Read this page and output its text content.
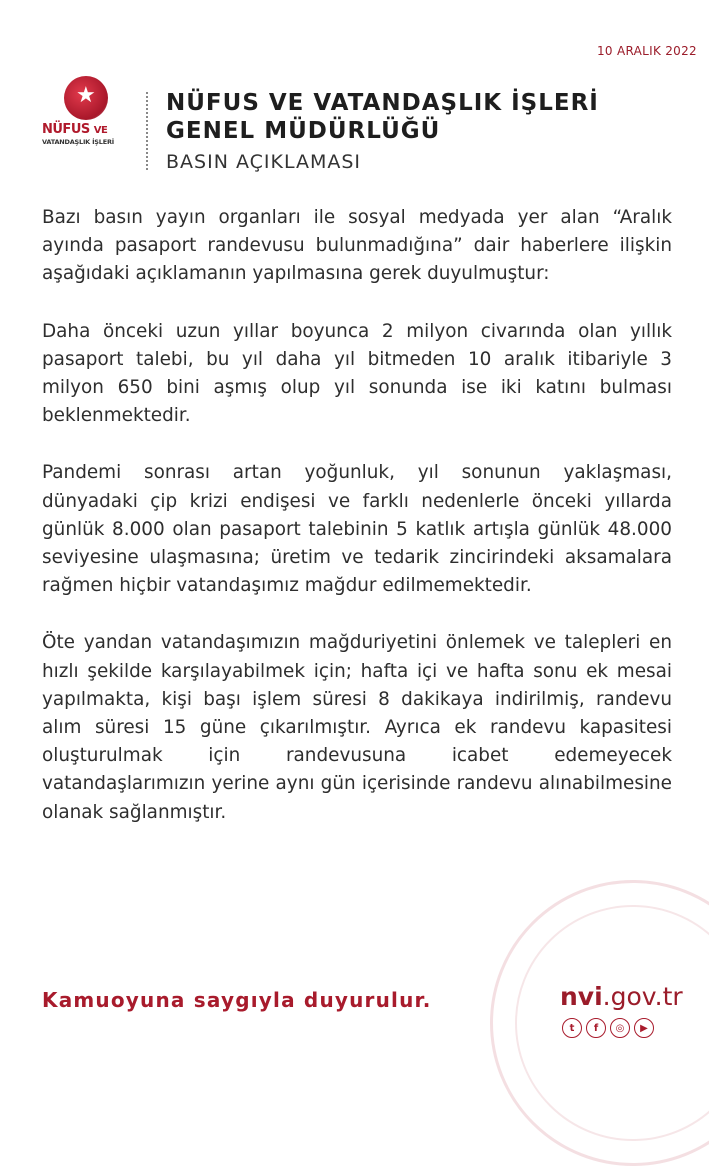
10 ARALIK 2022
★
NÜFUS VE
VATANDAŞLIK İŞLERİ
NÜFUS VE VATANDAŞLIK İŞLERİ
GENEL MÜDÜRLÜĞÜ
BASIN AÇIKLAMASI

Bazı basın yayın organları ile sosyal medyada yer alan “Aralık ayında pasaport randevusu bulunmadığına” dair haberlere ilişkin aşağıdaki açıklamanın yapılmasına gerek duyulmuştur:

Daha önceki uzun yıllar boyunca 2 milyon civarında olan yıllık pasaport talebi, bu yıl daha yıl bitmeden 10 aralık itibariyle 3 milyon 650 bini aşmış olup yıl sonunda ise iki katını bulması beklenmektedir.

Pandemi sonrası artan yoğunluk, yıl sonunun yaklaşması, dünyadaki çip krizi endişesi ve farklı nedenlerle önceki yıllarda günlük 8.000 olan pasaport talebinin 5 katlık artışla günlük 48.000 seviyesine ulaşmasına; üretim ve tedarik zincirindeki aksamalara rağmen hiçbir vatandaşımız mağdur edilmemektedir.

Öte yandan vatandaşımızın mağduriyetini önlemek ve talepleri en hızlı şekilde karşılayabilmek için; hafta içi ve hafta sonu ek mesai yapılmakta, kişi başı işlem süresi 8 dakikaya indirilmiş, randevu alım süresi 15 güne çıkarılmıştır. Ayrıca ek randevu kapasitesi oluşturulmak için randevusuna icabet edemeyecek vatandaşlarımızın yerine aynı gün içerisinde randevu alınabilmesine olanak sağlanmıştır.

Kamuoyuna saygıyla duyurulur.	nvi.gov.tr
t	f	◎	▶
